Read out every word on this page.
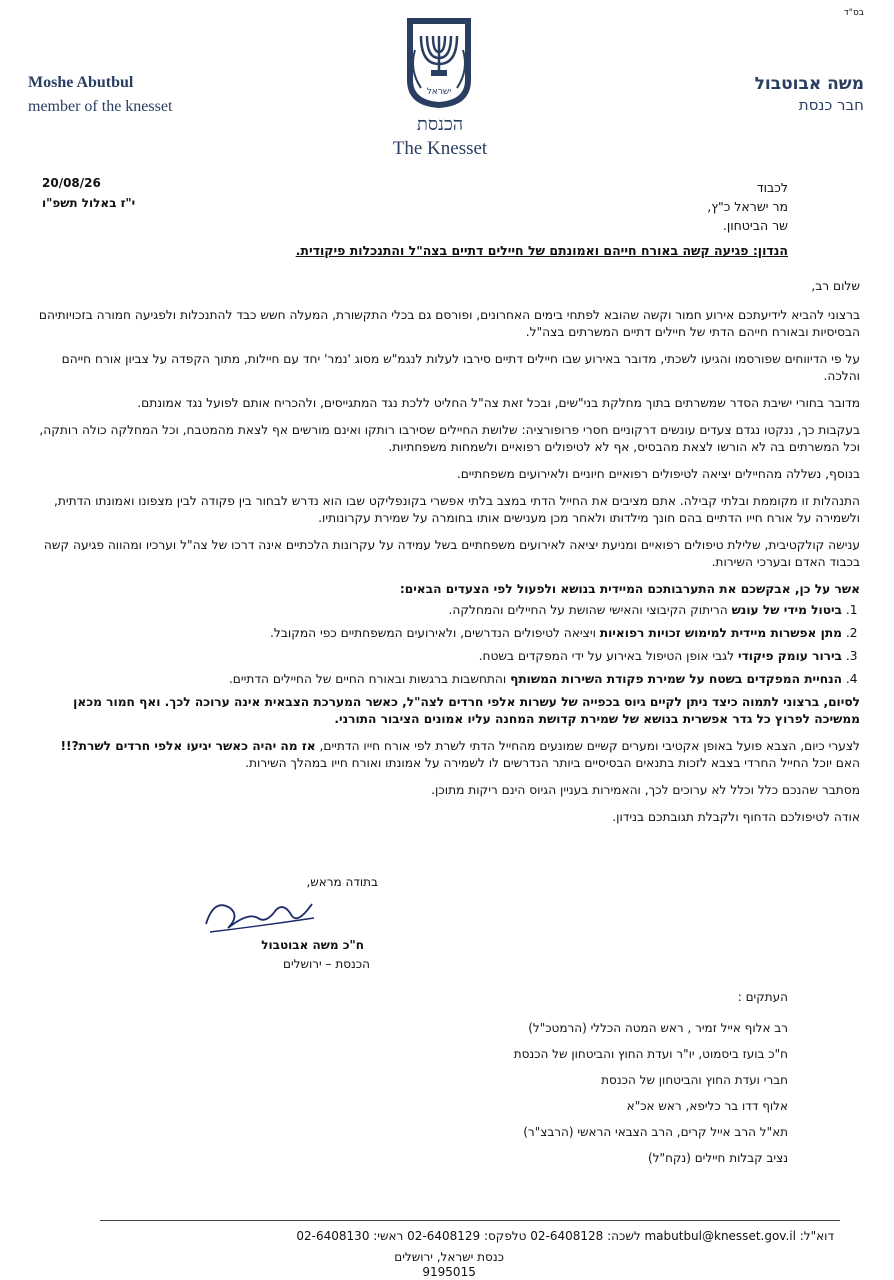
בס"ד
Moshe Abutbul
member of the knesset
משה אבוטבול
חבר כנסת
ישראל
הכנסת
The Knesset
20/08/26
י"ז באלול תשפ"ו
לכבוד
מר ישראל כ"ץ,
שר הביטחון.
הנדון: פגיעה קשה באורח חייהם ואמונתם של חיילים דתיים בצה"ל והתנכלות פיקודית.

שלום רב,

ברצוני להביא לידיעתכם אירוע חמור וקשה שהובא לפתחי בימים האחרונים, ופורסם גם בכלי התקשורת, המעלה חשש כבד להתנכלות ולפגיעה חמורה בזכויותיהם הבסיסיות ובאורח חייהם הדתי של חיילים דתיים המשרתים בצה"ל.

על פי הדיווחים שפורסמו והגיעו לשכתי, מדובר באירוע שבו חיילים דתיים סירבו לעלות לנגמ"ש מסוג 'נמר' יחד עם חיילות, מתוך הקפדה על צביון אורח חייהם והלכה.

מדובר בחורי ישיבת הסדר שמשרתים בתוך מחלקת בני"שים, ובכל זאת צה"ל החליט ללכת נגד המתגייסים, ולהכריח אותם לפועל נגד אמונתם.

בעקבות כך, ננקטו נגדם צעדים עונשים דרקוניים חסרי פרופורציה: שלושת החיילים שסירבו רותקו ואינם מורשים אף לצאת מהמטבח, וכל המחלקה כולה רותקה, וכל המשרתים בה לא הורשו לצאת מהבסיס, אף לא לטיפולים רפואיים ולשמחות משפחתיות.

בנוסף, נשללה מהחיילים יציאה לטיפולים רפואיים חיוניים ולאירועים משפחתיים.

התנהלות זו מקוממת ובלתי קבילה. אתם מציבים את החייל הדתי במצב בלתי אפשרי בקונפליקט שבו הוא נדרש לבחור בין פקודה לבין מצפונו ואמונתו הדתית, ולשמירה על אורח חייו הדתיים בהם חונך מילדותו ולאחר מכן מענישים אותו בחומרה על שמירת עקרונותיו.

ענישה קולקטיבית, שלילת טיפולים רפואיים ומניעת יציאה לאירועים משפחתיים בשל עמידה על עקרונות הלכתיים אינה דרכו של צה"ל וערכיו ומהווה פגיעה קשה בכבוד האדם ובערכי השירות.

אשר על כן, אבקשכם את התערבותכם המיידית בנושא ולפעול לפי הצעדים הבאים:

1. ביטול מידי של עונש הריתוק הקיבוצי והאישי שהושת על החיילים והמחלקה.
2. מתן אפשרות מיידית למימוש זכויות רפואיות ויציאה לטיפולים הנדרשים, ולאירועים המשפחתיים כפי המקובל.
3. בירור עומק פיקודי לגבי אופן הטיפול באירוע על ידי המפקדים בשטח.
4. הנחיית המפקדים בשטח על שמירת פקודת השירות המשותף והתחשבות ברגשות ובאורח החיים של החיילים הדתיים.

לסיום, ברצוני לתמוה כיצד ניתן לקיים גיוס בכפייה של עשרות אלפי חרדים לצה"ל, כאשר המערכת הצבאית אינה ערוכה לכך. ואף חמור מכאן ממשיכה לפרוץ כל גדר אפשרית בנושא של שמירת קדושת המחנה עליו אמונים הציבור התורני.

לצערי כיום, הצבא פועל באופן אקטיבי ומערים קשיים שמונעים מהחייל הדתי לשרת לפי אורח חייו הדתיים, אז מה יהיה כאשר יגיעו אלפי חרדים לשרת?!! האם יוכל החייל החרדי בצבא לזכות בתנאים הבסיסיים ביותר הנדרשים לו לשמירה על אמונתו ואורח חייו במהלך השירות.

מסתבר שהנכם כלל וכלל לא ערוכים לכך, והאמירות בעניין הגיוס הינם ריקות מתוכן.

אודה לטיפולכם הדחוף ולקבלת תגובתכם בנידון.

בתודה מראש,
ח"כ משה אבוטבול
הכנסת – ירושלים
העתקים :
רב אלוף אייל זמיר , ראש המטה הכללי (הרמטכ"ל)
ח"כ בועז ביסמוט, יו"ר ועדת החוץ והביטחון של הכנסת
חברי ועדת החוץ והביטחון של הכנסת
אלוף דדו בר כליפא, ראש אכ"א
תא"ל הרב אייל קרים, הרב הצבאי הראשי (הרבצ"ר)
נציב קבלות חיילים (נקח"ל)
דוא"ל: mabutbul@knesset.gov.il לשכה: 02-6408128 טלפקס: 02-6408129 ראשי: 02-6408130
כנסת ישראל, ירושלים
9195015
